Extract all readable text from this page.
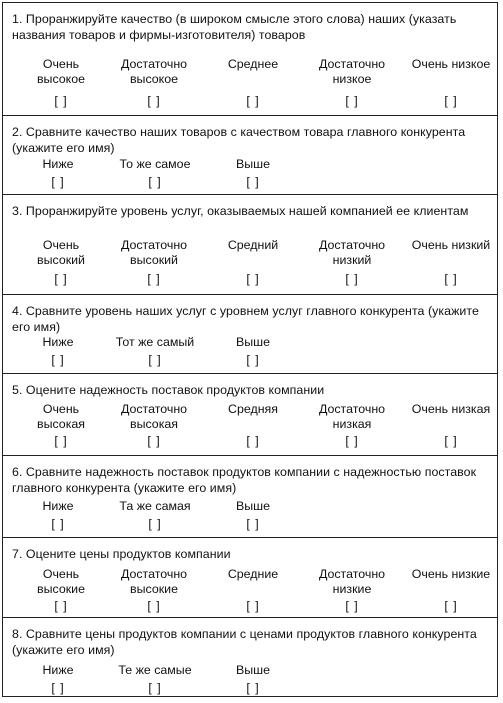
1. Проранжируйте качество (в широком смысле этого слова) наших (указать названия товаров и фирмы-изготовителя) товаров
Очень
высокое
[ ]
Достаточно
высокое
[ ]
Среднее
[ ]
Достаточно
низкое
[ ]
Очень низкое
[ ]
2. Сравните качество наших товаров с качеством товара главного конкурента (укажите его имя)
Ниже
[ ]
То же самое
[ ]
Выше
[ ]
3. Проранжируйте уровень услуг, оказываемых нашей компанией ее клиентам
Очень
высокий
[ ]
Достаточно
высокий
[ ]
Средний
[ ]
Достаточно
низкий
[ ]
Очень низкий
[ ]
4. Сравните уровень наших услуг с уровнем услуг главного конкурента (укажите его имя)
Ниже
[ ]
Тот же самый
[ ]
Выше
[ ]
5. Оцените надежность поставок продуктов компании
Очень
высокая
[ ]
Достаточно
высокая
[ ]
Средняя
[ ]
Достаточно
низкая
[ ]
Очень низкая
[ ]
6. Сравните надежность поставок продуктов компании с надежностью поставок главного конкурента (укажите его имя)
Ниже
[ ]
Та же самая
[ ]
Выше
[ ]
7. Оцените цены продуктов компании
Очень
высокие
[ ]
Достаточно
высокие
[ ]
Средние
[ ]
Достаточно
низкие
[ ]
Очень низкие
[ ]
8. Сравните цены продуктов компании с ценами продуктов главного конкурента (укажите его имя)
Ниже
[ ]
Те же самые
[ ]
Выше
[ ]
